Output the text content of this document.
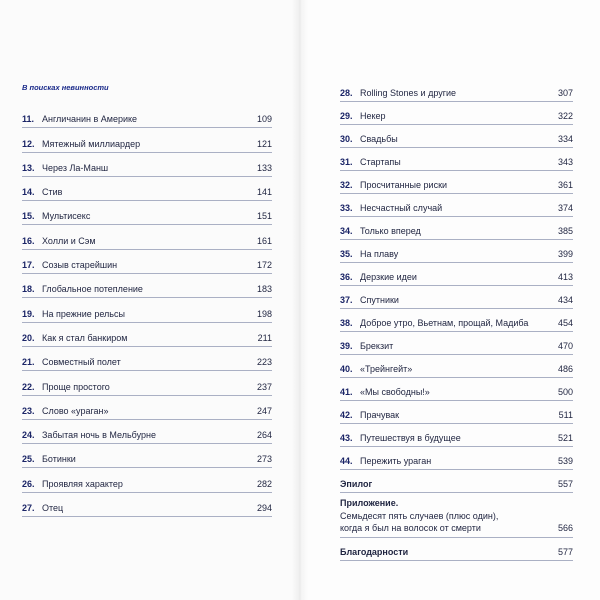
В поисках невинности
11. Англичанин в Америке	109
12. Мятежный миллиардер	121
13. Через Ла-Манш	133
14. Стив	141
15. Мультисекс	151
16. Холли и Сэм	161
17. Созыв старейшин	172
18. Глобальное потепление	183
19. На прежние рельсы	198
20. Как я стал банкиром	211
21. Совместный полет	223
22. Проще простого	237
23. Слово «ураган»	247
24. Забытая ночь в Мельбурне	264
25. Ботинки	273
26. Проявляя характер	282
27. Отец	294
28. Rolling Stones и другие	307
29. Некер	322
30. Свадьбы	334
31. Стартапы	343
32. Просчитанные риски	361
33. Несчастный случай	374
34. Только вперед	385
35. На плаву	399
36. Дерзкие идеи	413
37. Спутники	434
38. Доброе утро, Вьетнам, прощай, Мадиба	454
39. Брекзит	470
40. «Трейнгейт»	486
41. «Мы свободны!»	500
42. Прачувак	511
43. Путешествуя в будущее	521
44. Пережить ураган	539
Эпилог	557
Приложение.
Семьдесят пять случаев (плюс один),
когда я был на волосок от смерти	566
Благодарности	577
